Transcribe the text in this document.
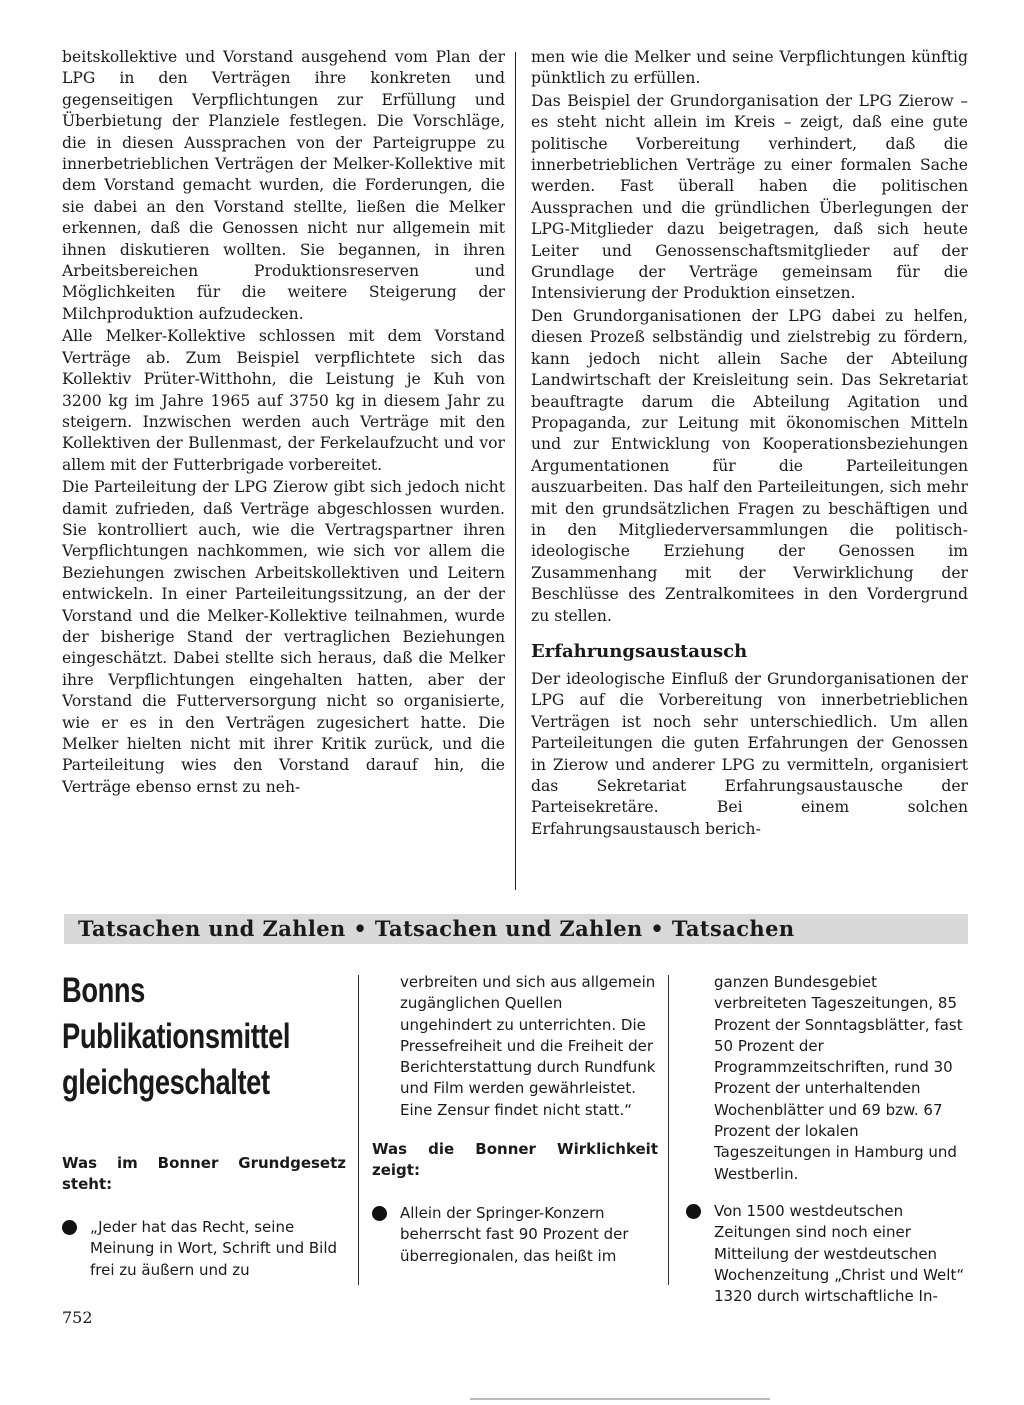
beitskollektive und Vorstand ausgehend vom Plan der LPG in den Verträgen ihre konkreten und gegenseitigen Verpflichtungen zur Erfüllung und Überbietung der Planziele festlegen. Die Vorschläge, die in diesen Aussprachen von der Parteigruppe zu innerbetrieblichen Verträgen der Melker-Kollektive mit dem Vorstand gemacht wurden, die Forderungen, die sie dabei an den Vorstand stellte, ließen die Melker erkennen, daß die Genossen nicht nur allgemein mit ihnen diskutieren wollten. Sie begannen, in ihren Arbeitsbereichen Produktionsreserven und Möglichkeiten für die weitere Steigerung der Milchproduktion aufzudecken.

Alle Melker-Kollektive schlossen mit dem Vorstand Verträge ab. Zum Beispiel verpflichtete sich das Kollektiv Prüter-Witthohn, die Leistung je Kuh von 3200 kg im Jahre 1965 auf 3750 kg in diesem Jahr zu steigern. Inzwischen werden auch Verträge mit den Kollektiven der Bullenmast, der Ferkelaufzucht und vor allem mit der Futterbrigade vorbereitet.

Die Parteileitung der LPG Zierow gibt sich jedoch nicht damit zufrieden, daß Verträge abgeschlossen wurden. Sie kontrolliert auch, wie die Vertragspartner ihren Verpflichtungen nachkommen, wie sich vor allem die Beziehungen zwischen Arbeitskollektiven und Leitern entwickeln. In einer Parteileitungssitzung, an der der Vorstand und die Melker-Kollektive teilnahmen, wurde der bisherige Stand der vertraglichen Beziehungen eingeschätzt. Dabei stellte sich heraus, daß die Melker ihre Verpflichtungen eingehalten hatten, aber der Vorstand die Futterversorgung nicht so organisierte, wie er es in den Verträgen zugesichert hatte. Die Melker hielten nicht mit ihrer Kritik zurück, und die Parteileitung wies den Vorstand darauf hin, die Verträge ebenso ernst zu neh-

men wie die Melker und seine Verpflichtungen künftig pünktlich zu erfüllen.

Das Beispiel der Grundorganisation der LPG Zierow – es steht nicht allein im Kreis – zeigt, daß eine gute politische Vorbereitung verhindert, daß die innerbetrieblichen Verträge zu einer formalen Sache werden. Fast überall haben die politischen Aussprachen und die gründlichen Überlegungen der LPG-Mitglieder dazu beigetragen, daß sich heute Leiter und Genossenschaftsmitglieder auf der Grundlage der Verträge gemeinsam für die Intensivierung der Produktion einsetzen.

Den Grundorganisationen der LPG dabei zu helfen, diesen Prozeß selbständig und zielstrebig zu fördern, kann jedoch nicht allein Sache der Abteilung Landwirtschaft der Kreisleitung sein. Das Sekretariat beauftragte darum die Abteilung Agitation und Propaganda, zur Leitung mit ökonomischen Mitteln und zur Entwicklung von Kooperationsbeziehungen Argumentationen für die Parteileitungen auszuarbeiten. Das half den Parteileitungen, sich mehr mit den grundsätzlichen Fragen zu beschäftigen und in den Mitgliederversammlungen die politisch-ideologische Erziehung der Genossen im Zusammenhang mit der Verwirklichung der Beschlüsse des Zentralkomitees in den Vordergrund zu stellen.

Erfahrungsaustausch

Der ideologische Einfluß der Grundorganisationen der LPG auf die Vorbereitung von innerbetrieblichen Verträgen ist noch sehr unterschiedlich. Um allen Parteileitungen die guten Erfahrungen der Genossen in Zierow und anderer LPG zu vermitteln, organisiert das Sekretariat Erfahrungsaustausche der Parteisekretäre. Bei einem solchen Erfahrungsaustausch berich-

Tatsachen und Zahlen • Tatsachen und Zahlen • Tatsachen
Bonns
Publikationsmittel
gleichgeschaltet
Was im Bonner Grundgesetz steht:
„Jeder hat das Recht, seine Meinung in Wort, Schrift und Bild frei zu äußern und zu
verbreiten und sich aus allgemein zugänglichen Quellen ungehindert zu unterrichten. Die Pressefreiheit und die Freiheit der Berichterstattung durch Rundfunk und Film werden gewährleistet. Eine Zensur findet nicht statt.“
Was die Bonner Wirklichkeit zeigt:
Allein der Springer-Konzern beherrscht fast 90 Prozent der überregionalen, das heißt im
ganzen Bundesgebiet verbreiteten Tageszeitungen, 85 Prozent der Sonntagsblätter, fast 50 Prozent der Programmzeitschriften, rund 30 Prozent der unterhaltenden Wochenblätter und 69 bzw. 67 Prozent der lokalen Tageszeitungen in Hamburg und Westberlin.
Von 1500 westdeutschen Zeitungen sind noch einer Mitteilung der westdeutschen Wochenzeitung „Christ und Welt“ 1320 durch wirtschaftliche In-
752
